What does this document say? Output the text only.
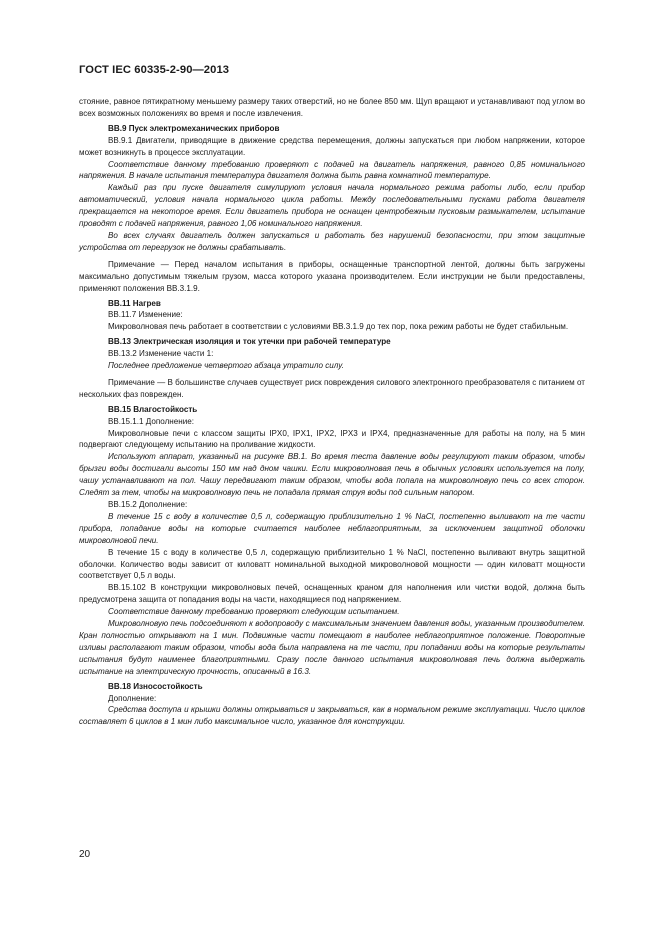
ГОСТ IEC 60335-2-90—2013

стояние, равное пятикратному меньшему размеру таких отверстий, но не более 850 мм. Щуп вращают и устанавливают под углом во всех возможных положениях во время и после извлечения.

ВВ.9 Пуск электромеханических приборов

ВВ.9.1 Двигатели, приводящие в движение средства перемещения, должны запускаться при любом напряжении, которое может возникнуть в процессе эксплуатации.

Соответствие данному требованию проверяют с подачей на двигатель напряжения, равного 0,85 номинального напряжения. В начале испытания температура двигателя должна быть равна комнатной температуре.

Каждый раз при пуске двигателя симулируют условия начала нормального режима работы либо, если прибор автоматический, условия начала нормального цикла работы. Между последовательными пусками работа двигателя прекращается на некоторое время. Если двигатель прибора не оснащен центробежным пусковым размыкателем, испытание проводят с подачей напряжения, равного 1,06 номинального напряжения.

Во всех случаях двигатель должен запускаться и работать без нарушений безопасности, при этом защитные устройства от перегрузок не должны срабатывать.

Примечание — Перед началом испытания в приборы, оснащенные транспортной лентой, должны быть загружены максимально допустимым тяжелым грузом, масса которого указана производителем. Если инструкции не были предоставлены, применяют положения ВВ.3.1.9.

ВВ.11 Нагрев

ВВ.11.7 Изменение:

Микроволновая печь работает в соответствии с условиями ВВ.3.1.9 до тех пор, пока режим работы не будет стабильным.

ВВ.13 Электрическая изоляция и ток утечки при рабочей температуре

ВВ.13.2 Изменение части 1:

Последнее предложение четвертого абзаца утратило силу.

Примечание — В большинстве случаев существует риск повреждения силового электронного преобразователя с питанием от нескольких фаз поврежден.

ВВ.15 Влагостойкость

ВВ.15.1.1 Дополнение:

Микроволновые печи с классом защиты IPX0, IPX1, IPX2, IPX3 и IPX4, предназначенные для работы на полу, на 5 мин подвергают следующему испытанию на проливание жидкости.

Используют аппарат, указанный на рисунке ВВ.1. Во время теста давление воды регулируют таким образом, чтобы брызги воды достигали высоты 150 мм над дном чашки. Если микроволновая печь в обычных условиях используется на полу, чашу устанавливают на пол. Чашу передвигают таким образом, чтобы вода попала на микроволновую печь со всех сторон. Следят за тем, чтобы на микроволновую печь не попадала прямая струя воды под сильным напором.

ВВ.15.2 Дополнение:

В течение 15 с воду в количестве 0,5 л, содержащую приблизительно 1 % NaCl, постепенно выливают на те части прибора, попадание воды на которые считается наиболее неблагоприятным, за исключением защитной оболочки микроволновой печи.

В течение 15 с воду в количестве 0,5 л, содержащую приблизительно 1 % NaCl, постепенно выливают внутрь защитной оболочки. Количество воды зависит от киловатт номинальной выходной микроволновой мощности — один киловатт мощности соответствует 0,5 л воды.

ВВ.15.102 В конструкции микроволновых печей, оснащенных краном для наполнения или чистки водой, должна быть предусмотрена защита от попадания воды на части, находящиеся под напряжением.

Соответствие данному требованию проверяют следующим испытанием.

Микроволновую печь подсоединяют к водопроводу с максимальным значением давления воды, указанным производителем. Кран полностью открывают на 1 мин. Подвижные части помещают в наиболее неблагоприятное положение. Поворотные изливы располагают таким образом, чтобы вода была направлена на те части, при попадании воды на которые результаты испытания будут наименее благоприятными. Сразу после данного испытания микроволновая печь должна выдержать испытание на электрическую прочность, описанный в 16.3.

ВВ.18 Износостойкость

Дополнение:

Средства доступа и крышки должны открываться и закрываться, как в нормальном режиме эксплуатации. Число циклов составляет 6 циклов в 1 мин либо максимальное число, указанное для конструкции.

20
